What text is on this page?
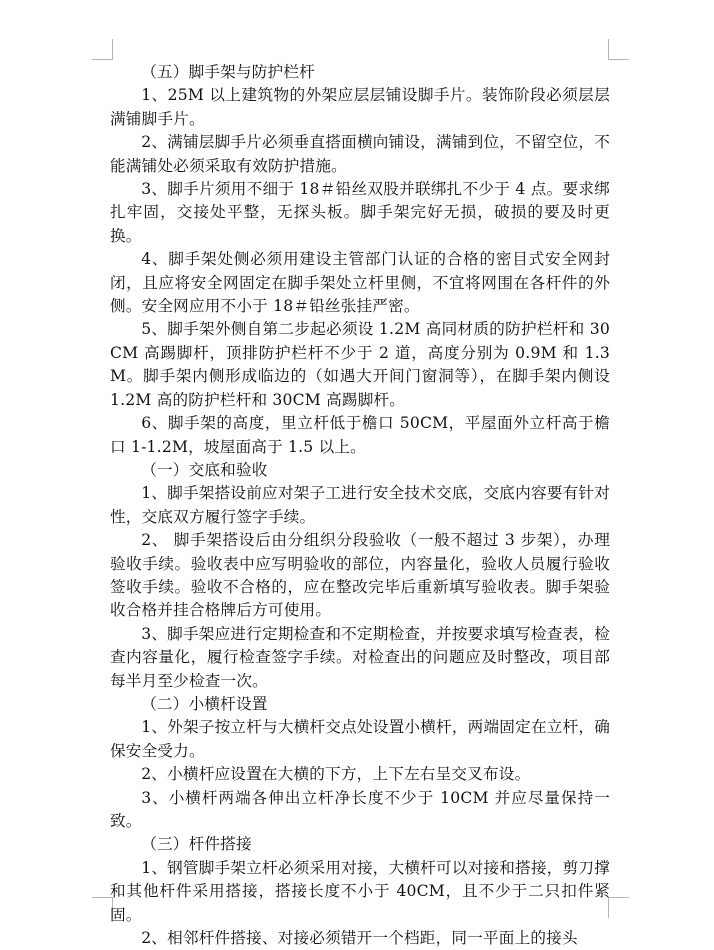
（五）脚手架与防护栏杆

1、25M 以上建筑物的外架应层层铺设脚手片。装饰阶段必须层层满铺脚手片。

2、满铺层脚手片必须垂直搭面横向铺设，满铺到位，不留空位，不能满铺处必须采取有效防护措施。

3、脚手片须用不细于 18＃铅丝双股并联绑扎不少于 4 点。要求绑扎牢固，交接处平整，无探头板。脚手架完好无损，破损的要及时更换。

4、脚手架处侧必须用建设主管部门认证的合格的密目式安全网封闭，且应将安全网固定在脚手架处立杆里侧，不宜将网围在各杆件的外侧。安全网应用不小于 18＃铅丝张挂严密。

5、脚手架外侧自第二步起必须设 1.2M 高同材质的防护栏杆和 30CM 高踢脚杆，顶排防护栏杆不少于 2 道，高度分别为 0.9M 和 1.3M。脚手架内侧形成临边的（如遇大开间门窗洞等），在脚手架内侧设 1.2M 高的防护栏杆和 30CM 高踢脚杆。

6、脚手架的高度，里立杆低于檐口 50CM，平屋面外立杆高于檐口 1-1.2M，坡屋面高于 1.5 以上。

（一）交底和验收

1、脚手架搭设前应对架子工进行安全技术交底，交底内容要有针对性，交底双方履行签字手续。

2、 脚手架搭设后由分组织分段验收（一般不超过 3 步架），办理验收手续。验收表中应写明验收的部位，内容量化，验收人员履行验收签收手续。验收不合格的，应在整改完毕后重新填写验收表。脚手架验收合格并挂合格牌后方可使用。

3、脚手架应进行定期检查和不定期检查，并按要求填写检查表，检查内容量化，履行检查签字手续。对检查出的问题应及时整改，项目部每半月至少检查一次。

（二）小横杆设置

1、外架子按立杆与大横杆交点处设置小横杆，两端固定在立杆，确保安全受力。

2、小横杆应设置在大横的下方，上下左右呈交叉布设。

3、小横杆两端各伸出立杆净长度不少于 10CM 并应尽量保持一致。

（三）杆件搭接

1、钢管脚手架立杆必须采用对接，大横杆可以对接和搭接，剪刀撑和其他杆件采用搭接，搭接长度不小于 40CM，且不少于二只扣件紧固。

2、相邻杆件搭接、对接必须错开一个档距，同一平面上的接头
